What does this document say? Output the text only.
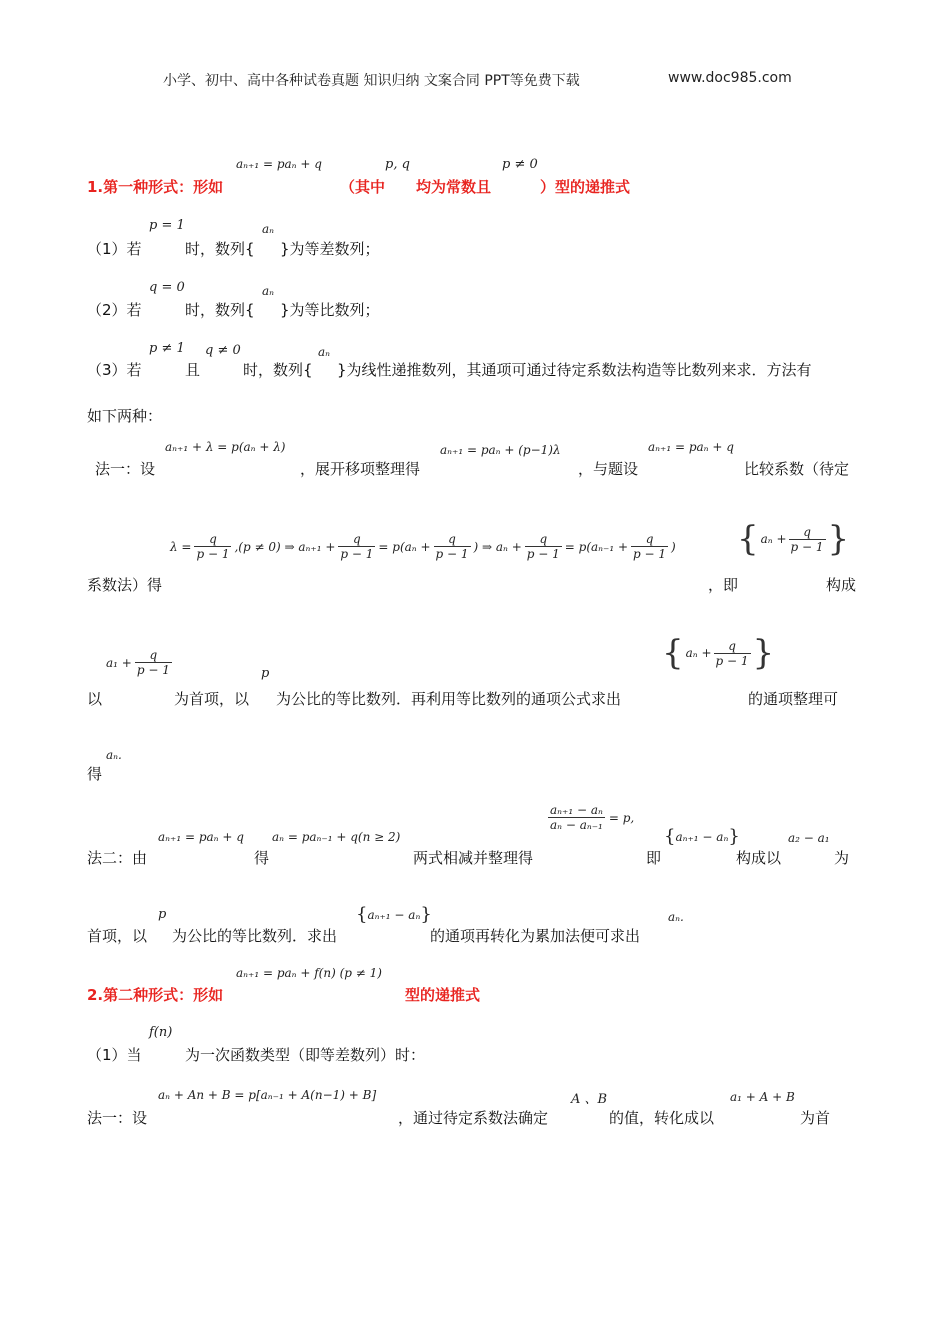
小学、初中、高中各种试卷真题 知识归纳 文案合同 PPT等免费下载	www.doc985.com
aₙ₊₁ = paₙ + q	p, q	p ≠ 0
1.第一种形式：形如	（其中 均为常数且	）型的递推式
p = 1	aₙ
（1）若	时，数列{ }为等差数列；
q = 0	aₙ
（2）若	时，数列{ }为等比数列；
p ≠ 1 q ≠ 0	aₙ
（3）若	且	时，数列{ }为线性递推数列，其通项可通过待定系数法构造等比数列来求．方法有
如下两种：
aₙ₊₁ + λ = p(aₙ + λ)	aₙ₊₁ = paₙ + (p−1)λ	aₙ₊₁ = paₙ + q
法一：设	，展开移项整理得	，与题设	比较系数（待定
$\lambda = \frac{q}{p - 1} ,(p \ne 0)$ ⇒ $a_{n+1} + \frac{q}{p - 1} = p(a_n + \frac{q}{p - 1}$ ) ⇒ $a_n + \frac{q}{p - 1} = p(a_{n-1} + \frac{q}{p - 1}$ ) { $a_n + \frac{q}{p - 1}$ }
系数法）得	，即	构成
$a_1 + \frac{q}{p - 1}$	p
{ $a_n + \frac{q}{p - 1}$ }
以	为首项，以 为公比的等比数列．再利用等比数列的通项公式求出	的通项整理可
aₙ.
得
$\frac{\text{aₙ₊₁ − aₙ}}{\text{aₙ − aₙ₋₁}} = p$,
aₙ₊₁ = paₙ + q aₙ = paₙ₋₁ + q(n ≥ 2)	{ aₙ₊₁ − aₙ }	a₂ − a₁
法二：由	得	两式相减并整理得	即	构成以	为
p	{ aₙ₊₁ − aₙ }	aₙ.
首项，以 为公比的等比数列．求出	的通项再转化为累加法便可求出
aₙ₊₁ = paₙ + f(n) (p ≠ 1)
2.第二种形式：形如	型的递推式
f(n)
（1）当	为一次函数类型（即等差数列）时：
aₙ + An + B = p[aₙ₋₁ + A(n−1) + B]	A 、B	a₁ + A + B
法一：设	，通过待定系数法确定	的值，转化成以	为首
